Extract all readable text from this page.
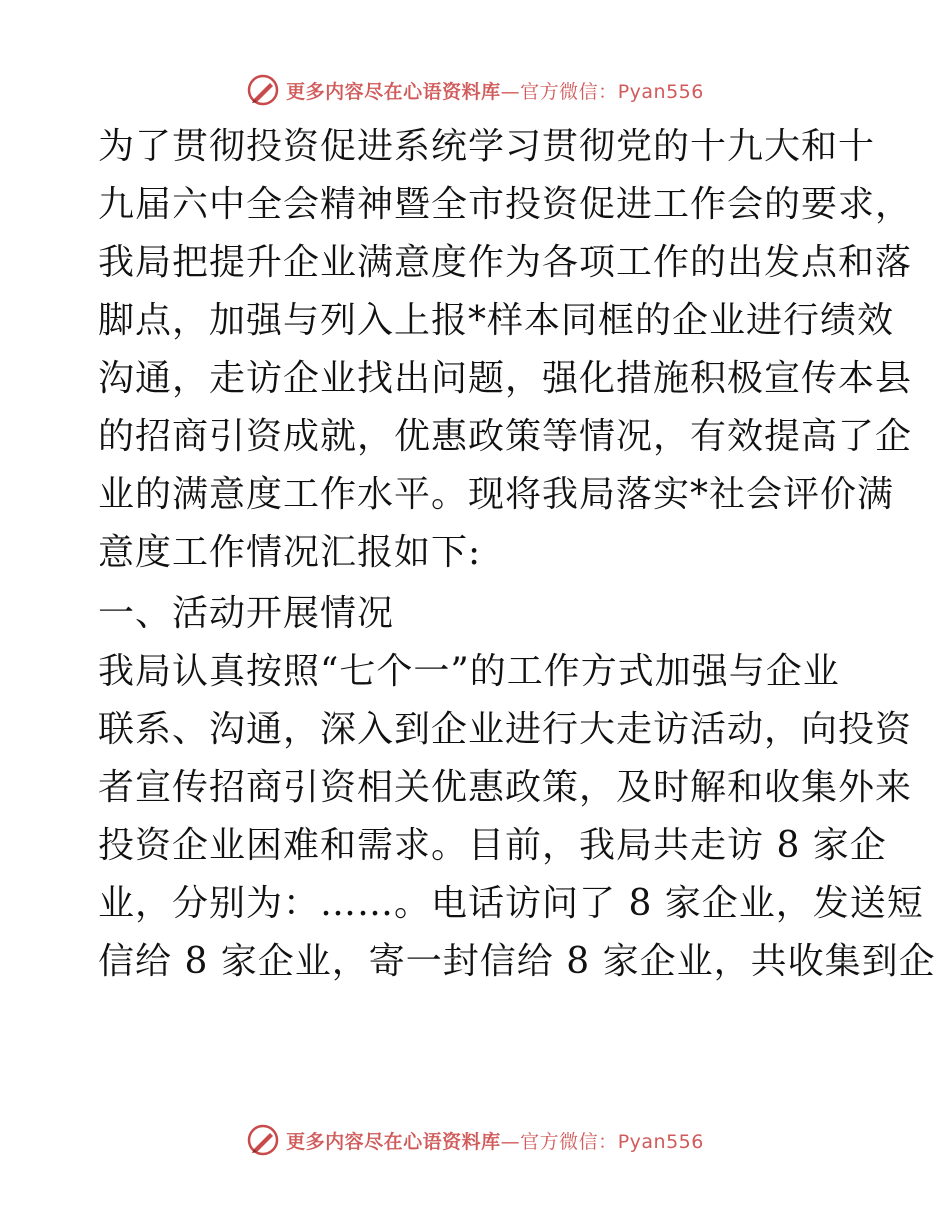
更多内容尽在心语资料库—官方微信：Pyan556
为了贯彻投资促进系统学习贯彻党的十九大和十
九届六中全会精神暨全市投资促进工作会的要求，
我局把提升企业满意度作为各项工作的出发点和落
脚点，加强与列入上报*样本同框的企业进行绩效
沟通，走访企业找出问题，强化措施积极宣传本县
的招商引资成就，优惠政策等情况，有效提高了企
业的满意度工作水平。现将我局落实*社会评价满
意度工作情况汇报如下:
一、活动开展情况
我局认真按照“七个一”的工作方式加强与企业
联系、沟通，深入到企业进行大走访活动，向投资
者宣传招商引资相关优惠政策，及时解和收集外来
投资企业困难和需求。目前，我局共走访 8 家企
业，分别为：……。电话访问了 8 家企业，发送短
信给 8 家企业，寄一封信给 8 家企业，共收集到企
更多内容尽在心语资料库—官方微信：Pyan556
